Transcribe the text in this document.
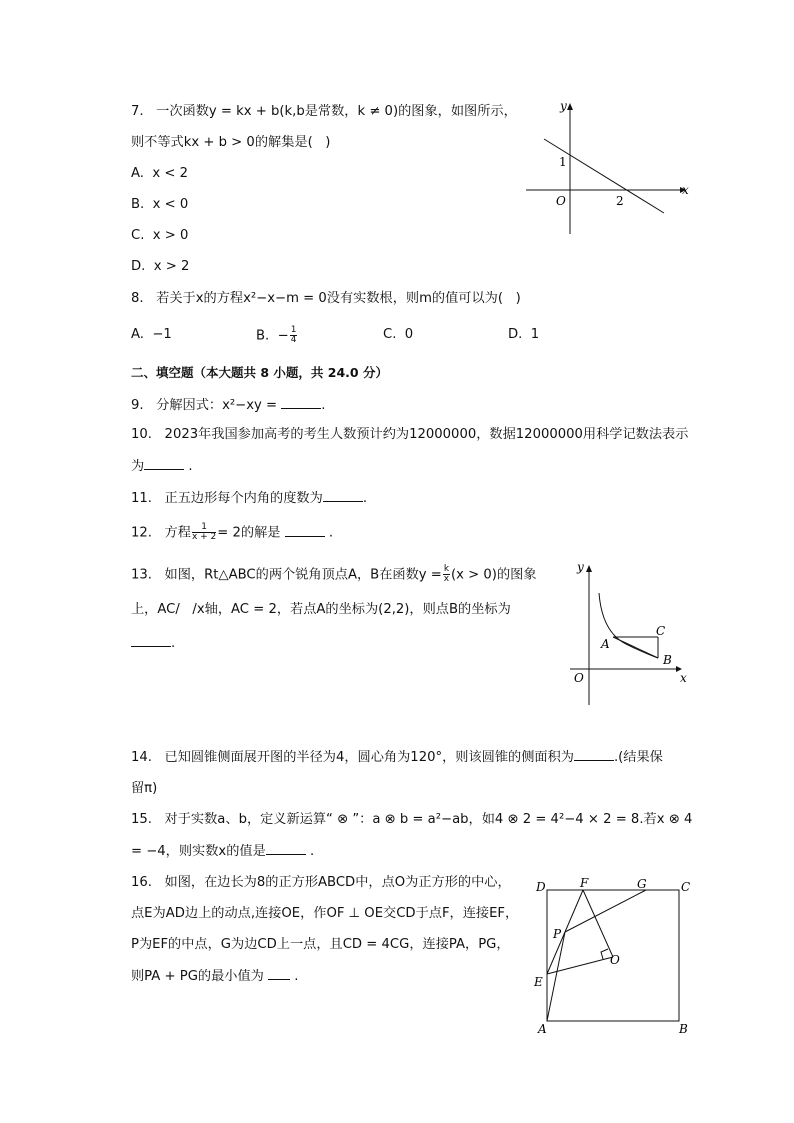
7.   一次函数y = kx + b(k,b是常数，k ≠ 0)的图象，如图所示，
则不等式kx + b > 0的解集是(   )
A.  x < 2
B.  x < 0
C.  x > 0
D.  x > 2
y
x
O
1
2
8.   若关于x的方程x²−x−m = 0没有实数根，则m的值可以为(   )
A.  −1	B.  − $\frac{1}{4}$	C.  0	D.  1
二、填空题（本大题共 8 小题，共 24.0 分）
9.   分解因式：x²−xy =	.
10.   2023年我国参加高考的考生人数预计约为12000000，数据12000000用科学记数法表示
为	.
11.   正五边形每个内角的度数为	.
12.   方程 $\frac{1}{x + 2} = 2$的解是	.
13.   如图，Rt△ABC的两个锐角顶点A，B在函数$y = \frac{k}{x} (x > 0)$的图象
上，AC/   /x轴，AC = 2，若点A的坐标为(2,2)，则点B的坐标为
.
y
x
O
A
B
C
14.   已知圆锥侧面展开图的半径为4，圆心角为120°，则该圆锥的侧面积为	.(结果保
留π)
15.   对于实数a、b，定义新运算“ ⊗ ”：a ⊗ b = a²−ab，如4 ⊗ 2 = 4²−4 × 2 = 8.若x ⊗ 4
= −4，则实数x的值是	.
16.   如图，在边长为8的正方形ABCD中，点O为正方形的中心，
点E为AD边上的动点,连接OE，作OF ⊥ OE交CD于点F，连接EF，
P为EF的中点，G为边CD上一点，且CD = 4CG，连接PA，PG，
则PA + PG的最小值为  .
D	F	G	C
P
O
E
A	B
